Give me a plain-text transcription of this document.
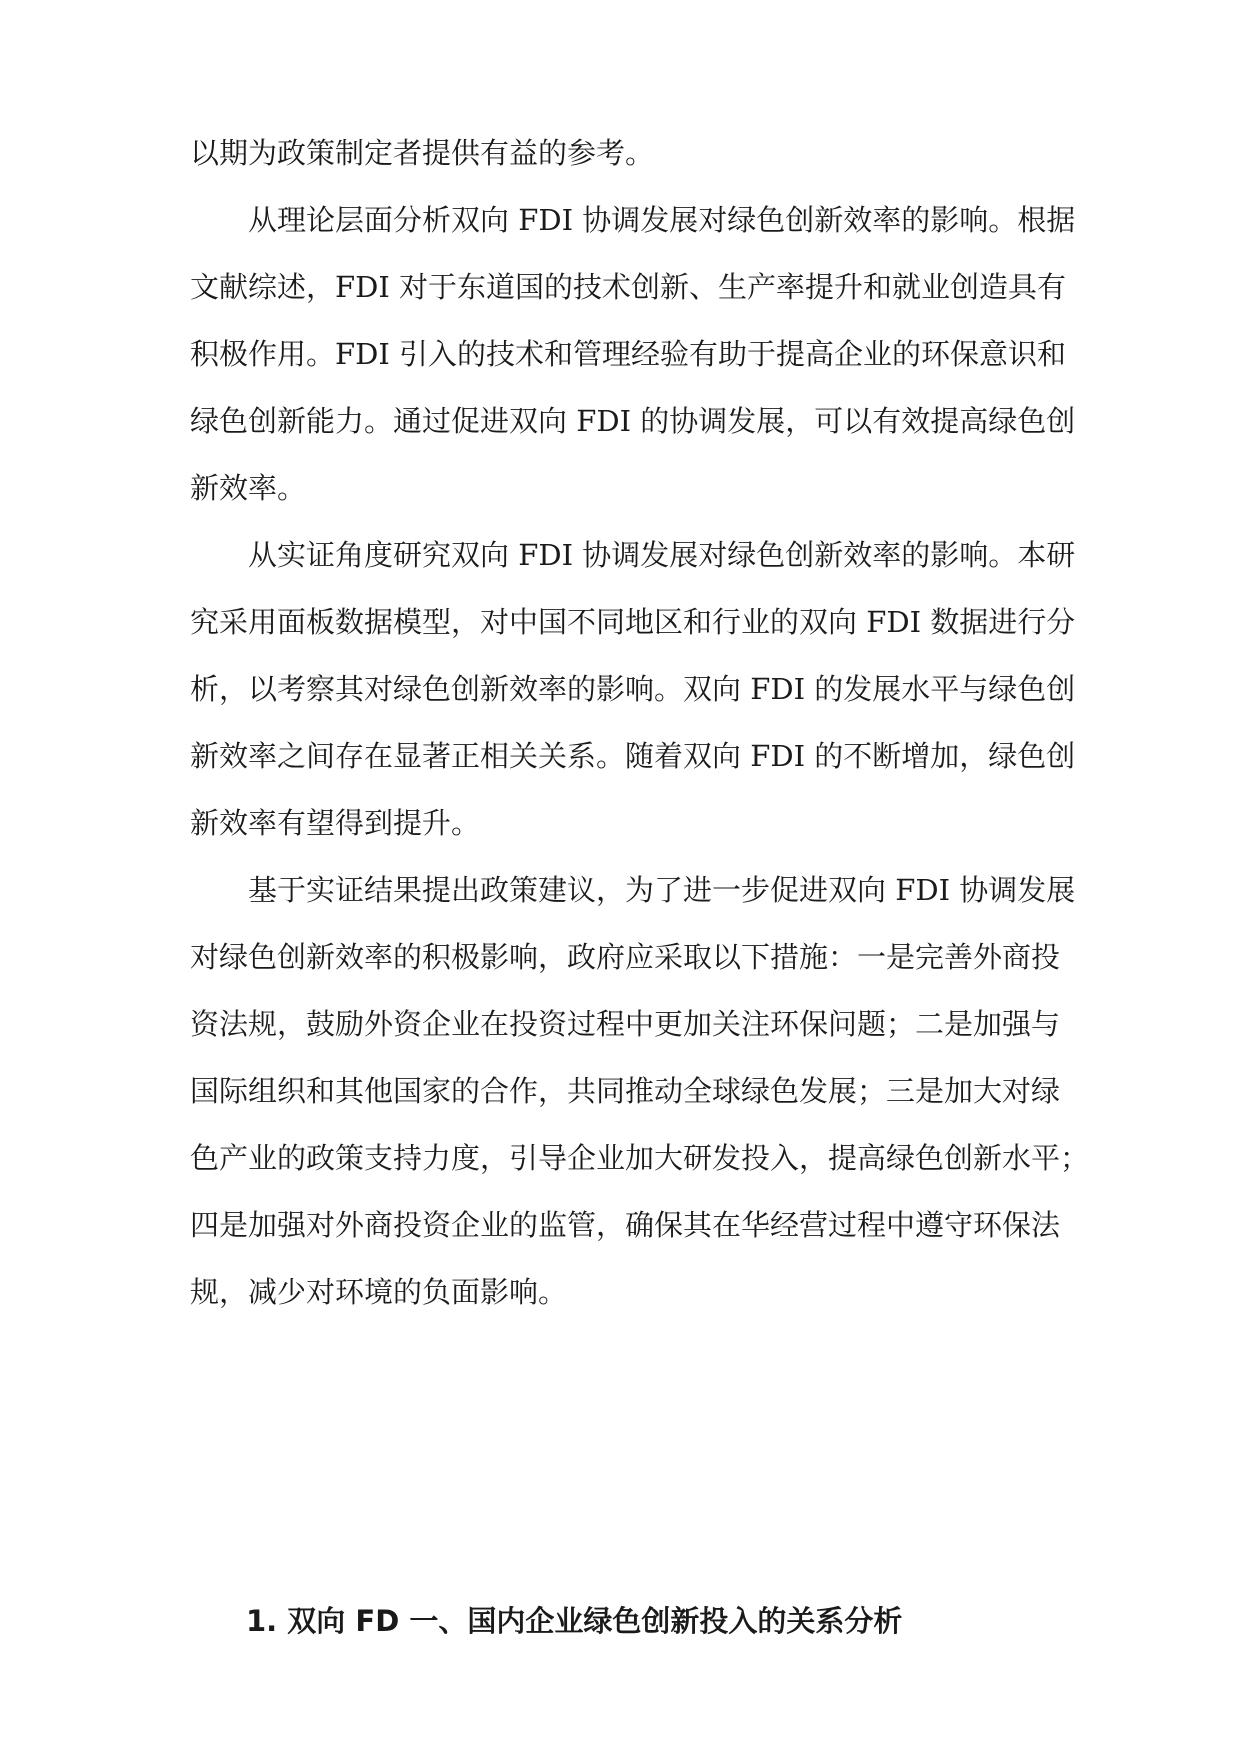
以期为政策制定者提供有益的参考。
从理论层面分析双向 FDI 协调发展对绿色创新效率的影响。根据
文献综述，FDI 对于东道国的技术创新、生产率提升和就业创造具有
积极作用。FDI 引入的技术和管理经验有助于提高企业的环保意识和
绿色创新能力。通过促进双向 FDI 的协调发展，可以有效提高绿色创
新效率。
从实证角度研究双向 FDI 协调发展对绿色创新效率的影响。本研
究采用面板数据模型，对中国不同地区和行业的双向 FDI 数据进行分
析，以考察其对绿色创新效率的影响。双向 FDI 的发展水平与绿色创
新效率之间存在显著正相关关系。随着双向 FDI 的不断增加，绿色创
新效率有望得到提升。
基于实证结果提出政策建议，为了进一步促进双向 FDI 协调发展
对绿色创新效率的积极影响，政府应采取以下措施：一是完善外商投
资法规，鼓励外资企业在投资过程中更加关注环保问题；二是加强与
国际组织和其他国家的合作，共同推动全球绿色发展；三是加大对绿
色产业的政策支持力度，引导企业加大研发投入，提高绿色创新水平；
四是加强对外商投资企业的监管，确保其在华经营过程中遵守环保法
规，减少对环境的负面影响。
1. 双向 FD 一、国内企业绿色创新投入的关系分析
